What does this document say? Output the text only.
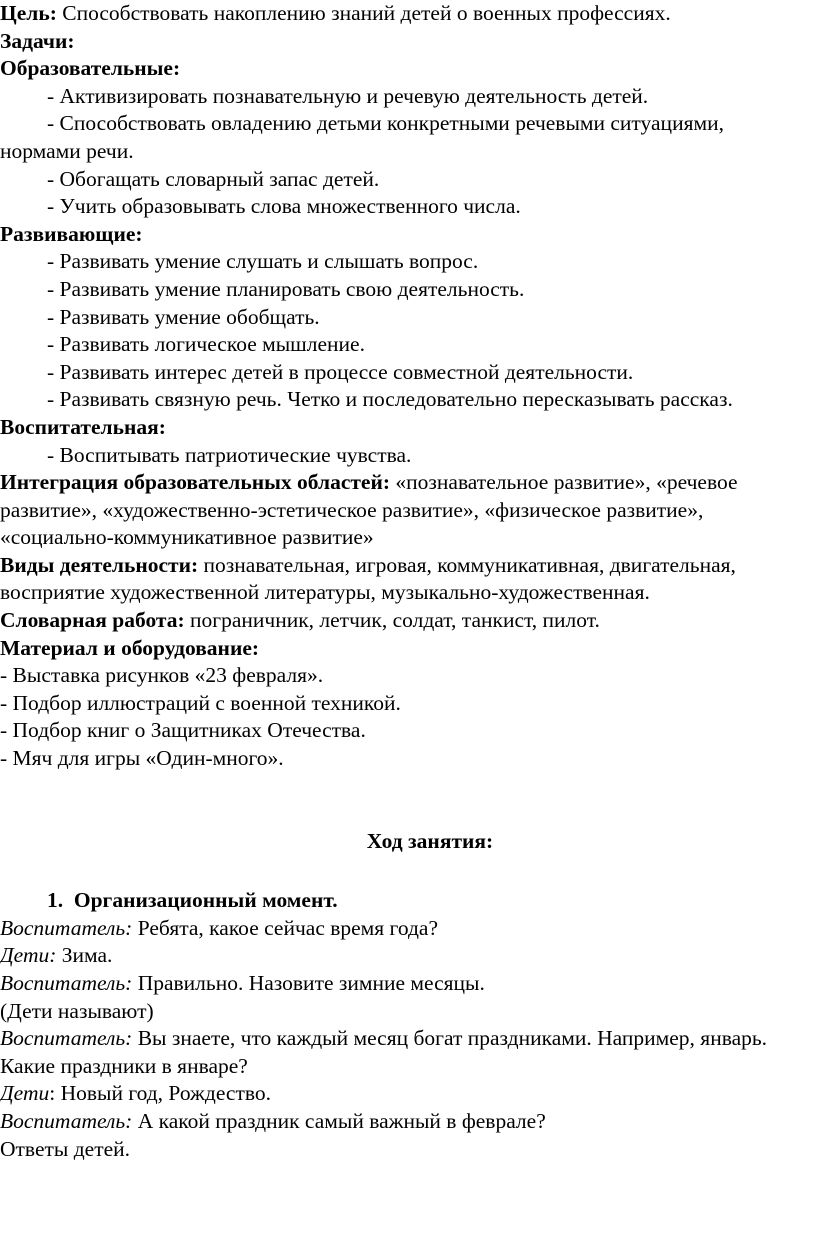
Цель: Способствовать накоплению знаний детей о военных профессиях.

Задачи:

Образовательные:

- Активизировать познавательную и речевую деятельность детей.

- Способствовать овладению детьми конкретными речевыми ситуациями, нормами речи.

- Обогащать словарный запас детей.

- Учить образовывать слова множественного числа.

Развивающие:

- Развивать умение слушать и слышать вопрос.

- Развивать умение планировать свою деятельность.

- Развивать умение обобщать.

- Развивать логическое мышление.

- Развивать интерес детей в процессе совместной деятельности.

- Развивать связную речь. Четко и последовательно пересказывать рассказ.

Воспитательная:

- Воспитывать патриотические чувства.

Интеграция образовательных областей: «познавательное развитие», «речевое развитие», «художественно-эстетическое развитие», «физическое развитие», «социально-коммуникативное развитие»

Виды деятельности: познавательная, игровая, коммуникативная, двигательная, восприятие художественной литературы, музыкально-художественная.

Словарная работа: пограничник, летчик, солдат, танкист, пилот.

Материал и оборудование:

- Выставка рисунков «23 февраля».

- Подбор иллюстраций с военной техникой.

- Подбор книг о Защитниках Отечества.

- Мяч для игры «Один-много».

Ход занятия:

1. Организационный момент.

Воспитатель: Ребята, какое сейчас время года?

Дети: Зима.

Воспитатель: Правильно. Назовите зимние месяцы.

(Дети называют)

Воспитатель: Вы знаете, что каждый месяц богат праздниками. Например, январь. Какие праздники в январе?

Дети: Новый год, Рождество.

Воспитатель: А какой праздник самый важный в феврале?

Ответы детей.
